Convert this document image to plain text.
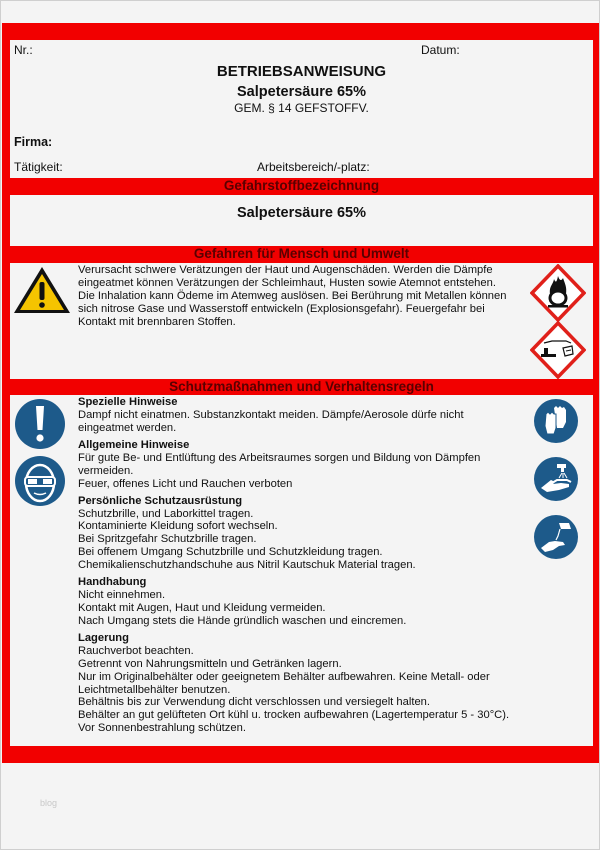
Nr.:	Datum:
BETRIEBSANWEISUNG
Salpetersäure 65%
GEM. § 14 GEFSTOFFV.
Firma:
Tätigkeit:	Arbeitsbereich/-platz:
Gefahrstoffbezeichnung
Salpetersäure 65%
Gefahren für Mensch und Umwelt
Verursacht schwere Verätzungen der Haut und Augenschäden. Werden die Dämpfe
eingeatmet können Verätzungen der Schleimhaut, Husten sowie Atemnot entstehen.
Die Inhalation kann Ödeme im Atemweg auslösen. Bei Berührung mit Metallen können
sich nitrose Gase und Wasserstoff entwickeln (Explosionsgefahr). Feuergefahr bei
Kontakt mit brennbaren Stoffen.
Schutzmaßnahmen und Verhaltensregeln
Spezielle Hinweise
Dampf nicht einatmen. Substanzkontakt meiden. Dämpfe/Aerosole dürfe nicht
eingeatmet werden.
Allgemeine Hinweise
Für gute Be- und Entlüftung des Arbeitsraumes sorgen und Bildung von Dämpfen
vermeiden.
Feuer, offenes Licht und Rauchen verboten
Persönliche Schutzausrüstung
Schutzbrille, und Laborkittel tragen.
Kontaminierte Kleidung sofort wechseln.
Bei Spritzgefahr Schutzbrille tragen.
Bei offenem Umgang Schutzbrille und Schutzkleidung tragen.
Chemikalienschutzhandschuhe aus Nitril Kautschuk Material tragen.
Handhabung
Nicht einnehmen.
Kontakt mit Augen, Haut und Kleidung vermeiden.
Nach Umgang stets die Hände gründlich waschen und eincremen.
Lagerung
Rauchverbot beachten.
Getrennt von Nahrungsmitteln und Getränken lagern.
Nur im Originalbehälter oder geeignetem Behälter aufbewahren. Keine Metall- oder
Leichtmetallbehälter benutzen.
Behältnis bis zur Verwendung dicht verschlossen und versiegelt halten.
Behälter an gut gelüfteten Ort kühl u. trocken aufbewahren (Lagertemperatur 5 - 30°C).
Vor Sonnenbestrahlung schützen.
blog
